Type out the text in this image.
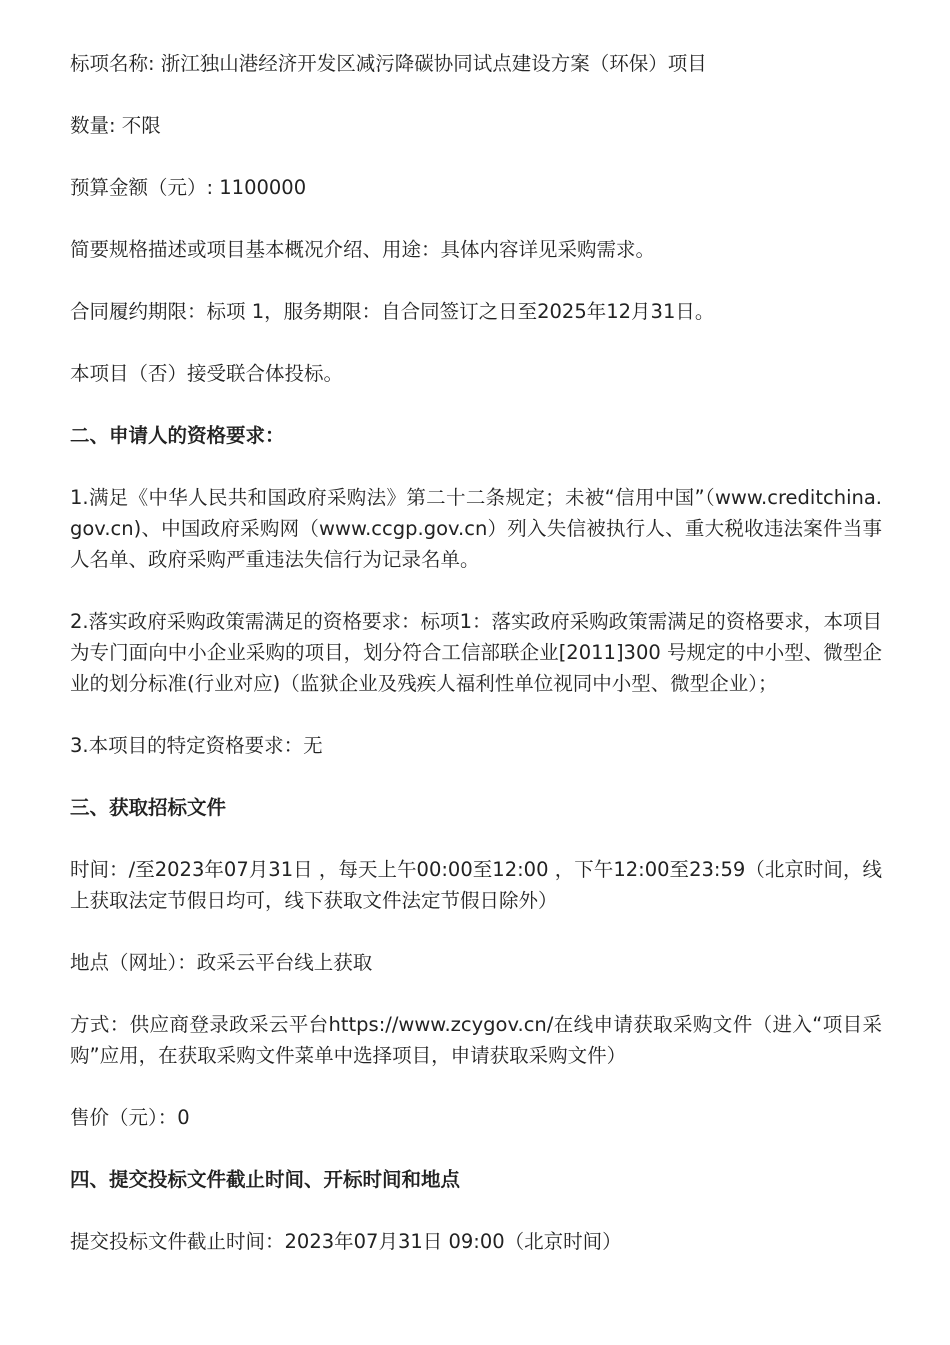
标项名称: 浙江独山港经济开发区减污降碳协同试点建设方案（环保）项目

数量: 不限

预算金额（元）: 1100000

简要规格描述或项目基本概况介绍、用途：具体内容详见采购需求。

合同履约期限：标项 1，服务期限：自合同签订之日至2025年12月31日。

本项目（否）接受联合体投标。

二、申请人的资格要求：

1.满足《中华人民共和国政府采购法》第二十二条规定；未被“信用中国”（www.creditchina.gov.cn)、中国政府采购网（www.ccgp.gov.cn）列入失信被执行人、重大税收违法案件当事人名单、政府采购严重违法失信行为记录名单。

2.落实政府采购政策需满足的资格要求：标项1：落实政府采购政策需满足的资格要求，本项目为专门面向中小企业采购的项目，划分符合工信部联企业[2011]300 号规定的中小型、微型企业的划分标准(行业对应)（监狱企业及残疾人福利性单位视同中小型、微型企业）；

3.本项目的特定资格要求：无

三、获取招标文件

时间：/至2023年07月31日 ，每天上午00:00至12:00 ，下午12:00至23:59（北京时间，线上获取法定节假日均可，线下获取文件法定节假日除外）

地点（网址）：政采云平台线上获取

方式：供应商登录政采云平台https://www.zcygov.cn/在线申请获取采购文件（进入“项目采购”应用，在获取采购文件菜单中选择项目，申请获取采购文件）

售价（元）：0

四、提交投标文件截止时间、开标时间和地点

提交投标文件截止时间：2023年07月31日 09:00（北京时间）
